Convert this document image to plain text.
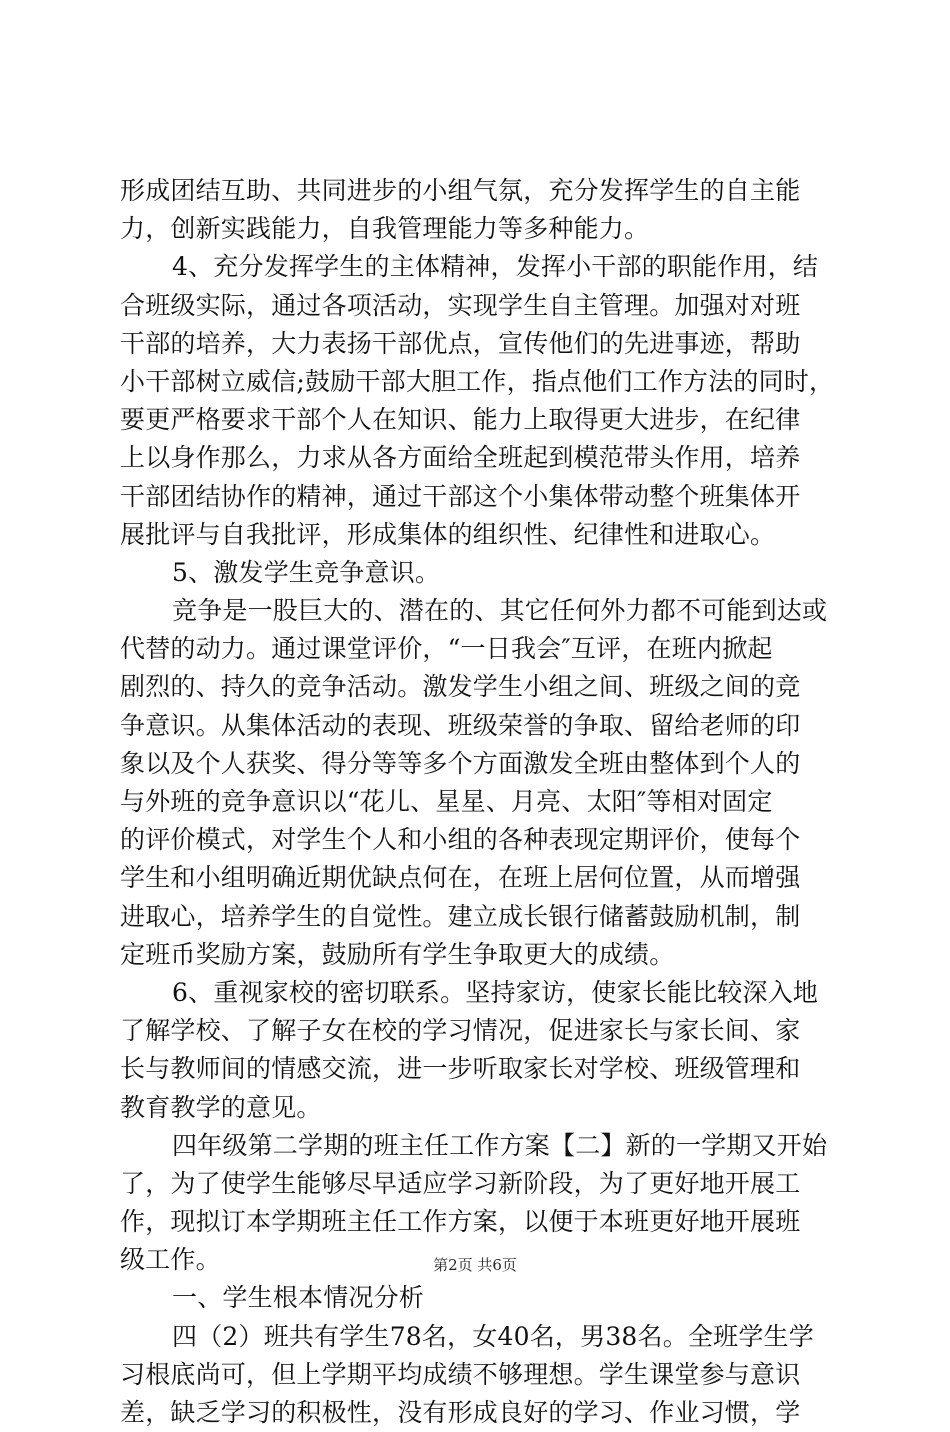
形成团结互助、共同进步的小组气氛，充分发挥学生的自主能
力，创新实践能力，自我管理能力等多种能力。
4、充分发挥学生的主体精神，发挥小干部的职能作用，结
合班级实际，通过各项活动，实现学生自主管理。加强对对班
干部的培养，大力表扬干部优点，宣传他们的先进事迹，帮助
小干部树立威信;鼓励干部大胆工作，指点他们工作方法的同时，
要更严格要求干部个人在知识、能力上取得更大进步，在纪律
上以身作那么，力求从各方面给全班起到模范带头作用，培养
干部团结协作的精神，通过干部这个小集体带动整个班集体开
展批评与自我批评，形成集体的组织性、纪律性和进取心。
5、激发学生竞争意识。
竞争是一股巨大的、潜在的、其它任何外力都不可能到达或
代替的动力。通过课堂评价，“一日我会″互评，在班内掀起
剧烈的、持久的竞争活动。激发学生小组之间、班级之间的竞
争意识。从集体活动的表现、班级荣誉的争取、留给老师的印
象以及个人获奖、得分等等多个方面激发全班由整体到个人的
与外班的竞争意识以“花儿、星星、月亮、太阳″等相对固定
的评价模式，对学生个人和小组的各种表现定期评价，使每个
学生和小组明确近期优缺点何在，在班上居何位置，从而增强
进取心，培养学生的自觉性。建立成长银行储蓄鼓励机制，制
定班币奖励方案，鼓励所有学生争取更大的成绩。
6、重视家校的密切联系。坚持家访，使家长能比较深入地
了解学校、了解子女在校的学习情况，促进家长与家长间、家
长与教师间的情感交流，进一步听取家长对学校、班级管理和
教育教学的意见。
四年级第二学期的班主任工作方案【二】新的一学期又开始
了，为了使学生能够尽早适应学习新阶段，为了更好地开展工
作，现拟订本学期班主任工作方案，以便于本班更好地开展班
级工作。
一、学生根本情况分析
四（2）班共有学生78名，女40名，男38名。全班学生学
习根底尚可，但上学期平均成绩不够理想。学生课堂参与意识
差，缺乏学习的积极性，没有形成良好的学习、作业习惯，学
第2页 共6页
